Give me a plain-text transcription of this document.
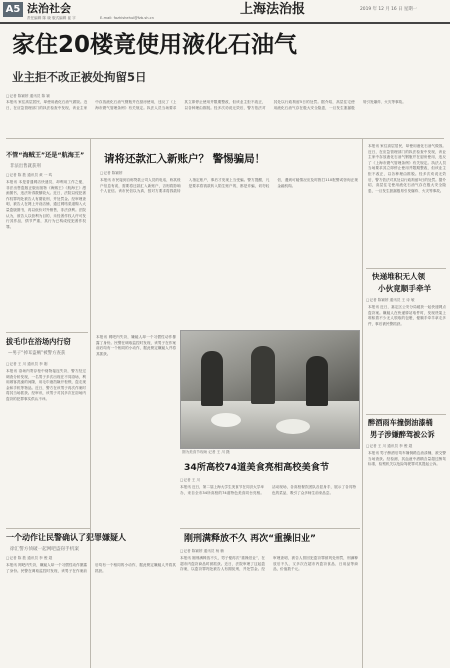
A5 法治社会
责任编辑 陈 晓 版式编辑 崔 宇	E-mail: fazhishehui@fzb.sh.cn
上海法治报	2019 年 12 月 16 日 星期一
家住20楼竟使用液化石油气
业主拒不改正被处拘留5日
□记者 陈颖婷 通讯员 陈 颖
本报讯 家住高层居民，却使用液化石油气做饭。近日，在应急管理部门的执法检查中发现，该业主家中存放液化石油气钢瓶并在厨房使用，违反了《上海市燃气管理条例》有关规定。执法人员当场要求其立即停止使用并限期整改，但该业主拒不改正，以各种理由推脱。经多次劝说无效后，警方依法对其处以行政拘留5日的处罚。据介绍，高层住宅使用液化石油气存在极大安全隐患，一旦发生泄漏极易引发爆炸、火灾等事故。
不管“海贼王”还是“航海王”
非法出售就获刑
□记者 陈 胜 通讯员 黄 一 鸣
本报讯 本是普通网店快递员，却利用工作之便，非法出售盗版正版出版物《海贼王》《航海王》漫画图书，违法所得数额较大。近日，法院以侵犯著作权罪判处被告人有期徒刑，并处罚金。经审理查明，被告人在网上开设店铺，通过网络渠道购入大量盗版图书，再以低价对外销售，非法获利。法院认为，被告人以营利为目的，未经著作权人许可发行其作品，情节严重，其行为已构成侵犯著作权罪。
拔毛巾在浴场内行窃
—男子“掉耳盗贼”被警方查获
□记者 王 川 通讯员 李 刚
本报讯 浴场内寄存柜中财物接连失窃，警方经过调查分析发现，一名男子多次出现在不同浴场，利用顾客洗澡的间隙，用毛巾遮挡撬开柜锁，盗走现金和手机等物品。近日，警方在该男子再次作案时将其当场抓获。经审讯，该男子对其多次在浴场内盗窃的犯罪事实供认不讳。
一个动作让民警确认了犯罪嫌疑人
徐汇警方侦破一起网吧盗窃手机案
□记者 陈 胜 通讯员 李 俊 超
本报讯 网吧内失窃，嫌疑人却一个习惯性动作暴露了身份。民警在调取监控时发现，该男子在作案前后均有一个相同的小动作，据此锁定嫌疑人并将其抓获。
请将还款汇入新账户？ 警惕骗局！
□记者 陈颖婷
本报讯 市民接到自称贷款公司人员的电话，称其账户信息有误，需要将还款汇入新账户，否则将影响个人征信。该市民信以为真，按对方要求将钱款转入指定账户，事后才发现上当受骗。警方提醒，凡是要求将钱款转入陌生账户的，都是诈骗，切勿轻信，遇到可疑情况应及时拨打110报警或咨询正规金融机构。
本报讯 网吧内失窃，嫌疑人却一个习惯性动作暴露了身份。民警在调取监控时发现，该男子在作案前后均有一个相同的小动作，据此锁定嫌疑人并将其抓获。
图为美食节现场 记者 王 川 摄
34所高校74道美食亮相高校美食节
□记者 王 川
本报讯 近日，第二届上海大学生美食节在同济大学举办，来自全市34所高校的74道特色美食同台亮相。活动现场，各高校餐饮团队各显身手，展示了各具特色的菜品，吸引了众多师生前来品尝。
刚刑满释放不久 再次“重操旧业”
□记者 陈颖婷 通讯员 杨 楠
本报讯 刚刑满释放不久，男子便再次“重操旧业”，在超市内盗窃商品时被抓获。近日，法院审理了这起盗窃案，以盗窃罪判处被告人有期徒刑，并处罚金。经审理查明，被告人曾因犯盗窃罪被判处刑罚，刑满释放后不久，又多次在超市内盗窃食品、日用品等商品，价值数千元。
本报讯 家住高层居民，却使用液化石油气做饭。近日，在应急管理部门的执法检查中发现，该业主家中存放液化石油气钢瓶并在厨房使用，违反了《上海市燃气管理条例》有关规定。执法人员当场要求其立即停止使用并限期整改，但该业主拒不改正，以各种理由推脱。经多次劝说无效后，警方依法对其处以行政拘留5日的处罚。据介绍，高层住宅使用液化石油气存在极大安全隐患，一旦发生泄漏极易引发爆炸、火灾等事故。
快递堆积无人领
小伙竟顺手牵羊
□记者 陈颖婷 通讯员 王 诗 敏
本报讯 近日，嘉定区公安分局破获一起快递网点盗窃案。嫌疑人在快递驿站取件时，发现货架上堆积着不少无人领取的包裹，便顺手牵羊拿走多件，事后被民警抓获。
醉酒雨车撞倒油漆桶
男子涉嫌醉驾被公诉
□记者 王 川 通讯员 李 俊 超
本报讯 男子醉酒后驾车撞倒路边油漆桶，被交警当场查获。经检测，其血液中酒精含量超过醉驾标准，检察机关以危险驾驶罪对其提起公诉。
